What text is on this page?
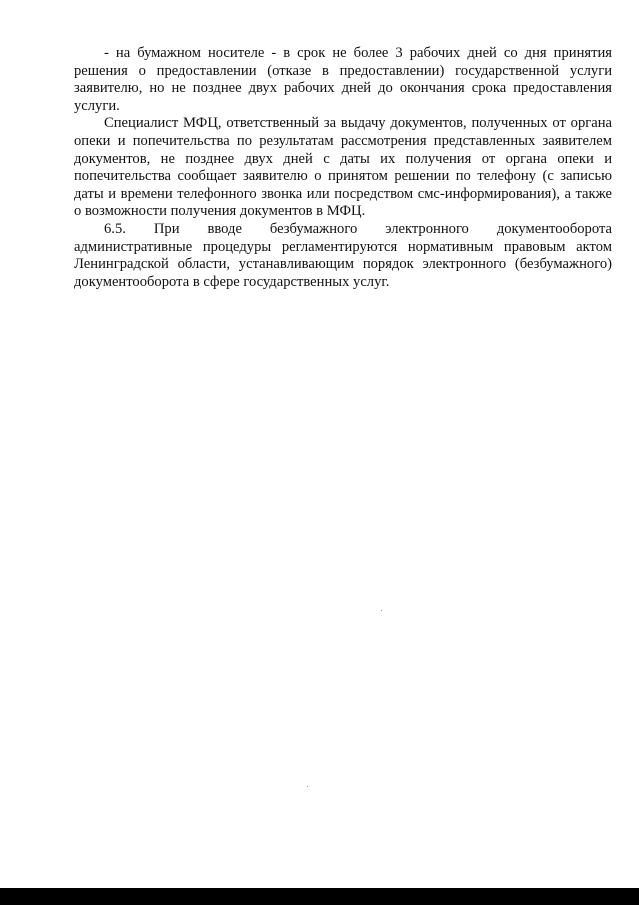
- на бумажном носителе - в срок не более 3 рабочих дней со дня принятия решения о предоставлении (отказе в предоставлении) государственной услуги заявителю, но не позднее двух рабочих дней до окончания срока предоставления услуги.

Специалист МФЦ, ответственный за выдачу документов, полученных от органа опеки и попечительства по результатам рассмотрения представленных заявителем документов, не позднее двух дней с даты их получения от органа опеки и попечительства сообщает заявителю о принятом решении по телефону (с записью даты и времени телефонного звонка или посредством смс-информирования), а также о возможности получения документов в МФЦ.

6.5. При вводе безбумажного электронного документооборота административные процедуры регламентируются нормативным правовым актом Ленинградской области, устанавливающим порядок электронного (безбумажного) документооборота в сфере государственных услуг.
